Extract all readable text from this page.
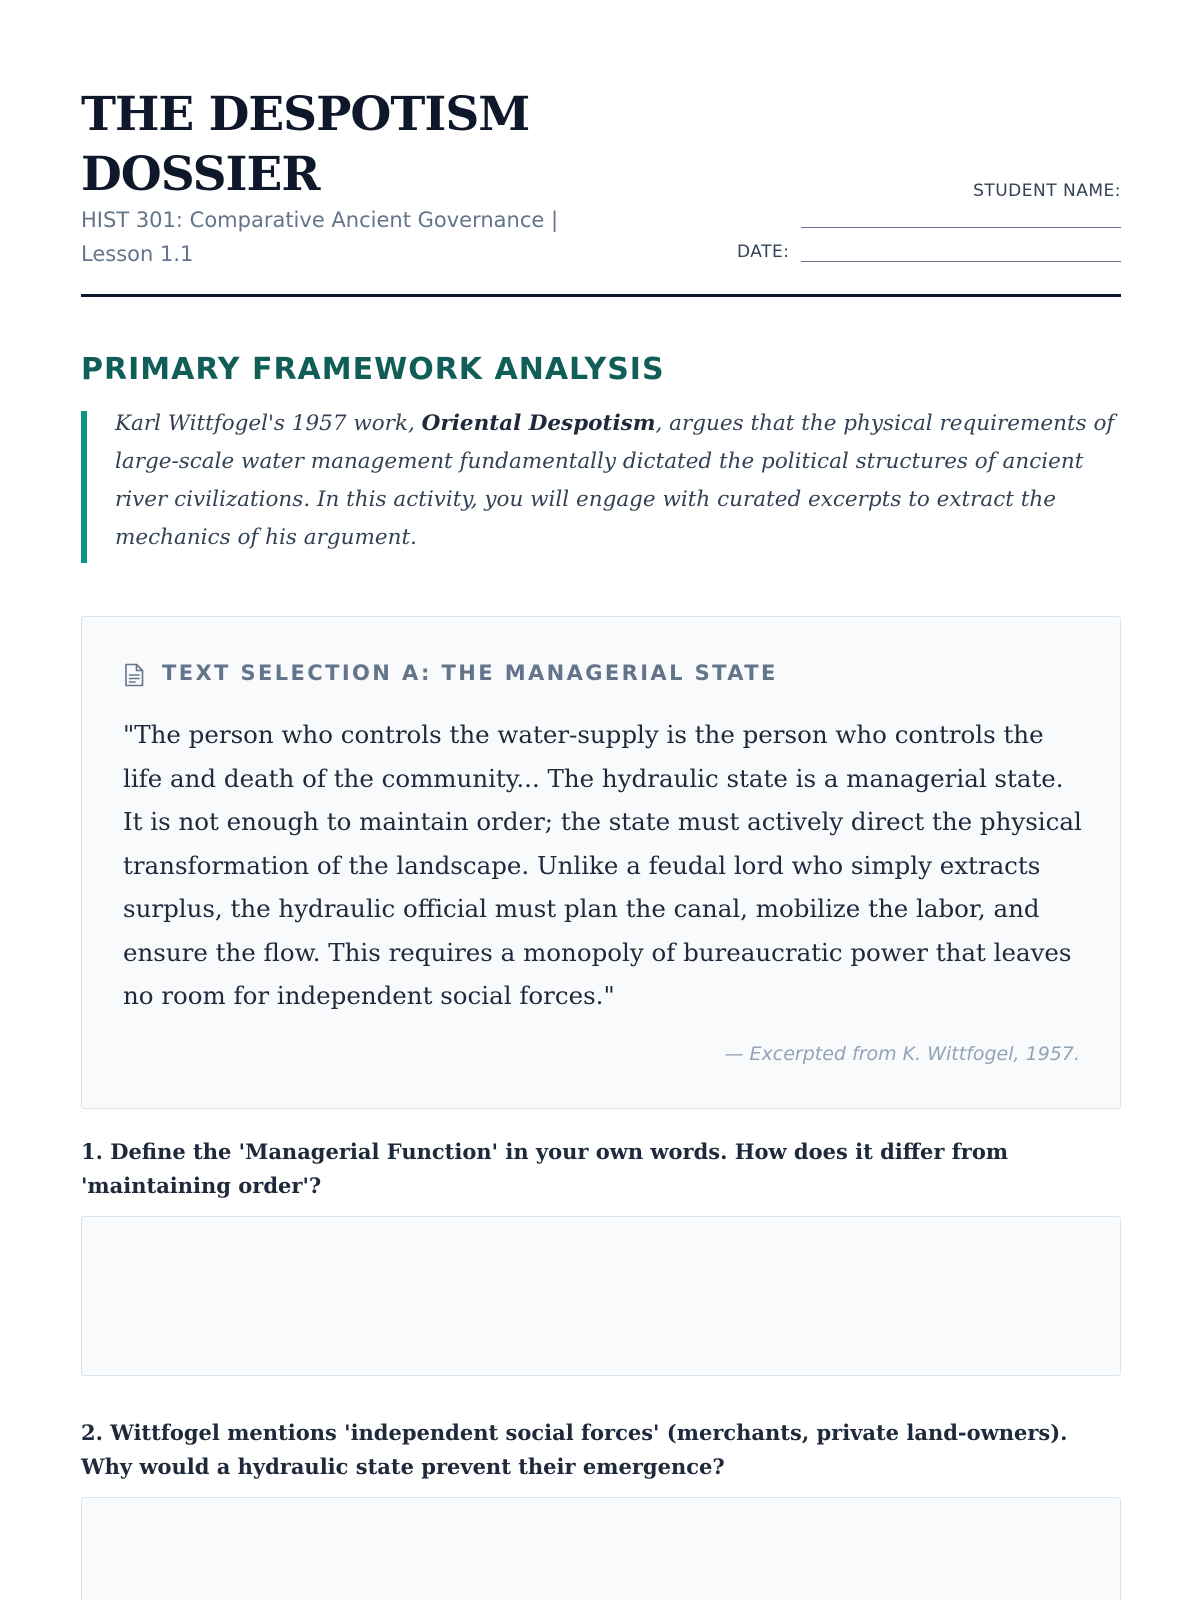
THE DESPOTISM DOSSIER
HIST 301: Comparative Ancient Governance | Lesson 1.1
STUDENT NAME:
DATE:
PRIMARY FRAMEWORK ANALYSIS

Karl Wittfogel's 1957 work, Oriental Despotism, argues that the physical requirements of large-scale water management fundamentally dictated the political structures of ancient river civilizations. In this activity, you will engage with curated excerpts to extract the mechanics of his argument.

TEXT SELECTION A: THE MANAGERIAL STATE

"The person who controls the water-supply is the person who controls the life and death of the community... The hydraulic state is a managerial state. It is not enough to maintain order; the state must actively direct the physical transformation of the landscape. Unlike a feudal lord who simply extracts surplus, the hydraulic official must plan the canal, mobilize the labor, and ensure the flow. This requires a monopoly of bureaucratic power that leaves no room for independent social forces."

— Excerpted from K. Wittfogel, 1957.
1. Define the 'Managerial Function' in your own words. How does it differ from 'maintaining order'?
2. Wittfogel mentions 'independent social forces' (merchants, private land-owners). Why would a hydraulic state prevent their emergence?
